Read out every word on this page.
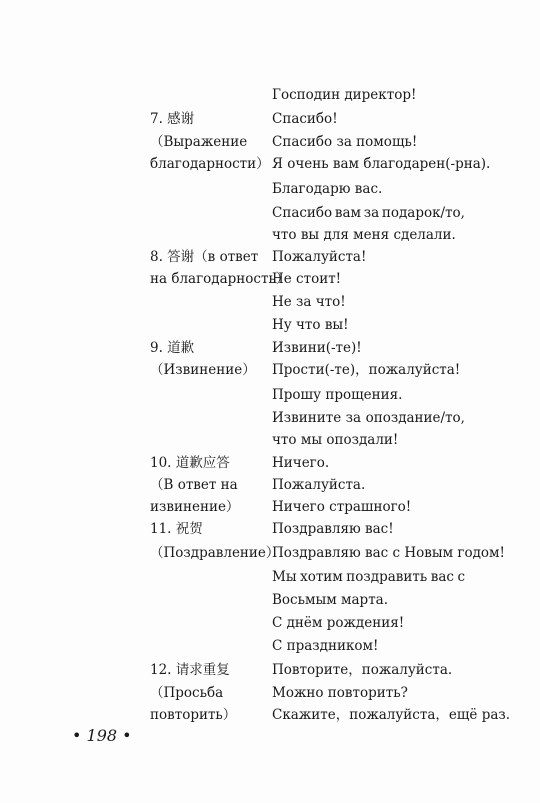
Господин директор!
7. 感谢
（Выражение
благодарности）
Спасибо!
Спасибо за помощь!
Я очень вам благодарен(-рна).
Благодарю вас.
Спасибо вам за подарок/то,
что вы для меня сделали.
8. 答谢（в ответ
на благодарность）
Пожалуйста!
Не стоит!
Не за что!
Ну что вы!
9. 道歉
（Извинение）
Извини(-те)!
Прости(-те)，пожалуйста!
Прошу прощения.
Извините за опоздание/то,
что мы опоздали!
10. 道歉应答
（В ответ на
извинение）
Ничего.
Пожалуйста.
Ничего страшного!
11. 祝贺
（Поздравление）
Поздравляю вас!
Поздравляю вас с Новым годом!
Мы хотим поздравить вас с
Восьмым марта.
С днём рождения!
С праздником!
12. 请求重复
（Просьба
повторить）
Повторите，пожалуйста.
Можно повторить?
Скажите，пожалуйста，ещё раз.
• 198 •
